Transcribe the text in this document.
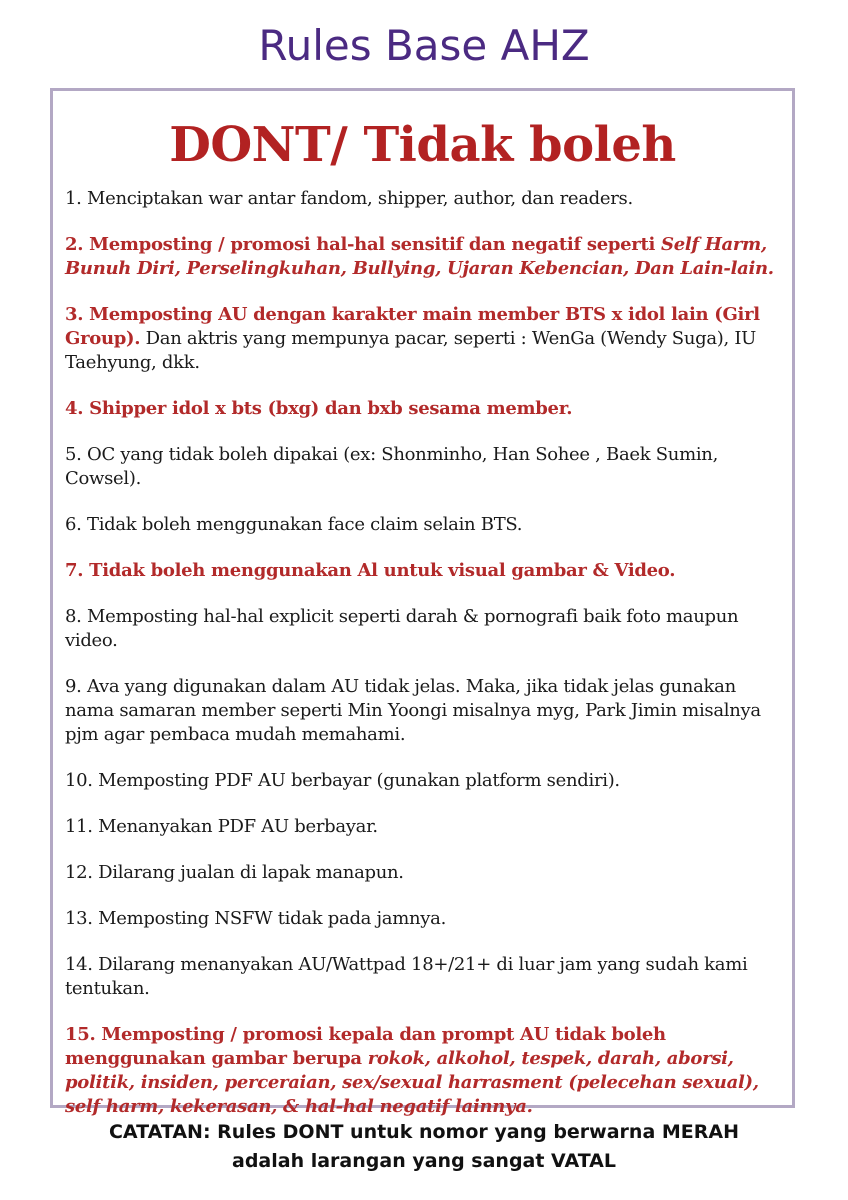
Rules Base AHZ
DONT/ Tidak boleh

1. Menciptakan war antar fandom, shipper, author, dan readers.

2. Memposting / promosi hal-hal sensitif dan negatif seperti Self Harm, Bunuh Diri, Perselingkuhan, Bullying, Ujaran Kebencian, Dan Lain-lain.

3. Memposting AU dengan karakter main member BTS x idol lain (Girl Group). Dan aktris yang mempunya pacar, seperti : WenGa (Wendy Suga), IU Taehyung, dkk.

4. Shipper idol x bts (bxg) dan bxb sesama member.

5. OC yang tidak boleh dipakai (ex: Shonminho, Han Sohee , Baek Sumin, Cowsel).

6. Tidak boleh menggunakan face claim selain BTS.

7. Tidak boleh menggunakan Al untuk visual gambar & Video.

8. Memposting hal-hal explicit seperti darah & pornografi baik foto maupun video.

9. Ava yang digunakan dalam AU tidak jelas. Maka, jika tidak jelas gunakan nama samaran member seperti Min Yoongi misalnya myg, Park Jimin misalnya pjm agar pembaca mudah memahami.

10. Memposting PDF AU berbayar (gunakan platform sendiri).

11. Menanyakan PDF AU berbayar.

12. Dilarang jualan di lapak manapun.

13. Memposting NSFW tidak pada jamnya.

14. Dilarang menanyakan AU/Wattpad 18+/21+ di luar jam yang sudah kami tentukan.

15. Memposting / promosi kepala dan prompt AU tidak boleh menggunakan gambar berupa rokok, alkohol, tespek, darah, aborsi, politik, insiden, perceraian, sex/sexual harrasment (pelecehan sexual), self harm, kekerasan, & hal-hal negatif lainnya.

CATATAN: Rules DONT untuk nomor yang berwarna MERAH
adalah larangan yang sangat VATAL
